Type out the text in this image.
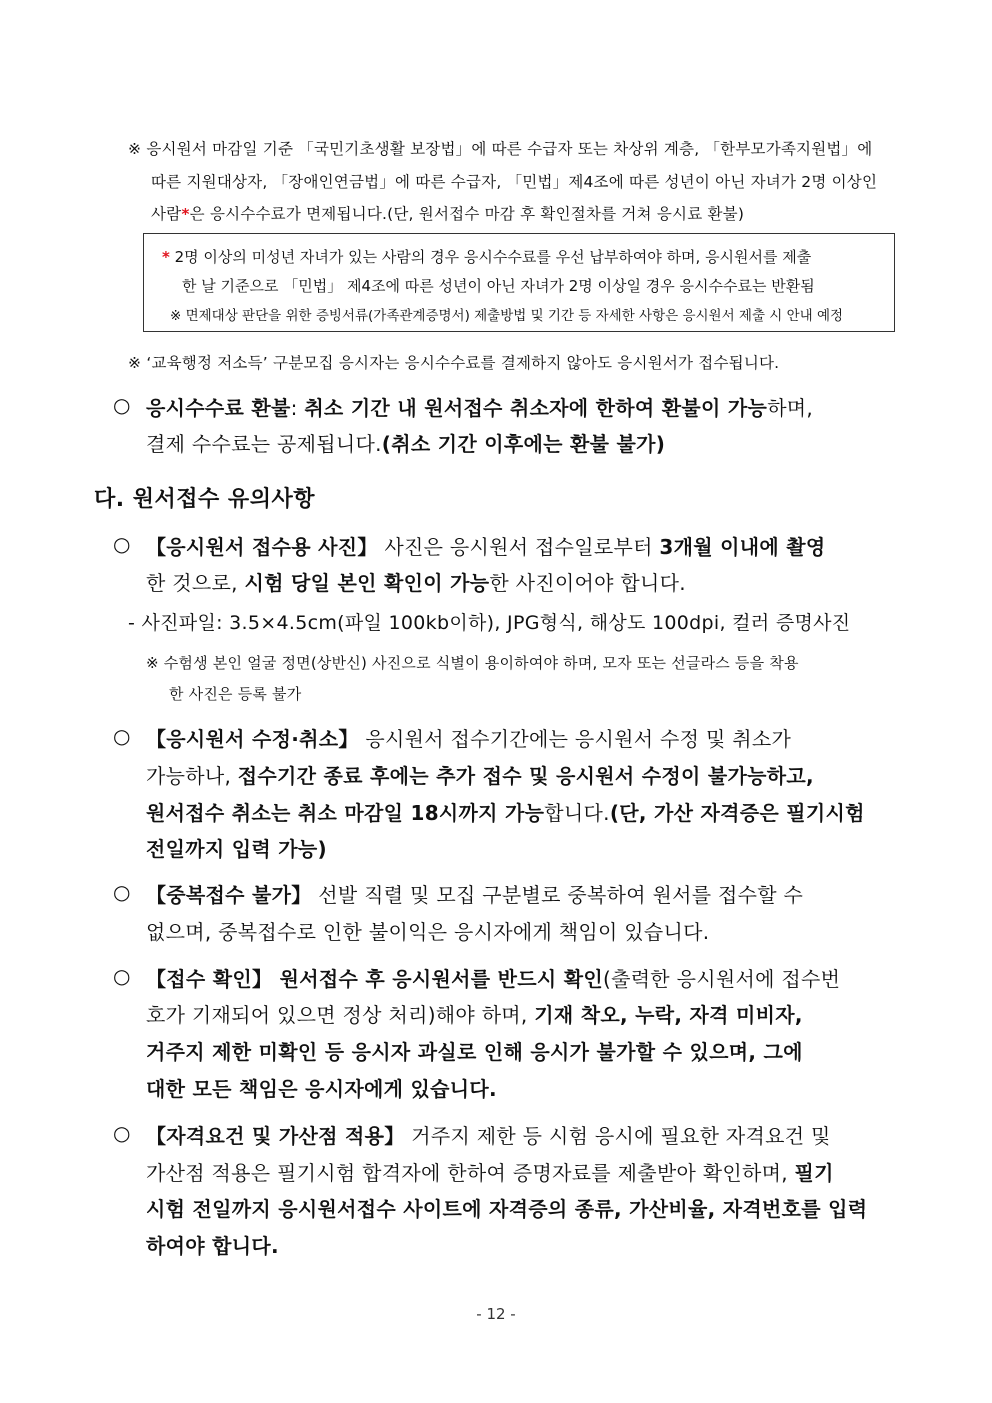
※ 응시원서 마감일 기준 「국민기초생활 보장법」에 따른 수급자 또는 차상위 계층, 「한부모가족지원법」에
따른 지원대상자, 「장애인연금법」에 따른 수급자, 「민법」제4조에 따른 성년이 아닌 자녀가 2명 이상인
사람*은 응시수수료가 면제됩니다.(단, 원서접수 마감 후 확인절차를 거쳐 응시료 환불)
* 2명 이상의 미성년 자녀가 있는 사람의 경우 응시수수료를 우선 납부하여야 하며, 응시원서를 제출
한 날 기준으로 「민법」 제4조에 따른 성년이 아닌 자녀가 2명 이상일 경우 응시수수료는 반환됨
※ 면제대상 판단을 위한 증빙서류(가족관계증명서) 제출방법 및 기간 등 자세한 사항은 응시원서 제출 시 안내 예정
※ ‘교육행정 저소득’ 구분모집 응시자는 응시수수료를 결제하지 않아도 응시원서가 접수됩니다.
○ 응시수수료 환불: 취소 기간 내 원서접수 취소자에 한하여 환불이 가능하며,
결제 수수료는 공제됩니다.(취소 기간 이후에는 환불 불가)
다. 원서접수 유의사항
○ 【응시원서 접수용 사진】 사진은 응시원서 접수일로부터 3개월 이내에 촬영
한 것으로, 시험 당일 본인 확인이 가능한 사진이어야 합니다.
- 사진파일: 3.5×4.5cm(파일 100kb이하), JPG형식, 해상도 100dpi, 컬러 증명사진
※ 수험생 본인 얼굴 정면(상반신) 사진으로 식별이 용이하여야 하며, 모자 또는 선글라스 등을 착용
한 사진은 등록 불가
○ 【응시원서 수정·취소】 응시원서 접수기간에는 응시원서 수정 및 취소가
가능하나, 접수기간 종료 후에는 추가 접수 및 응시원서 수정이 불가능하고,
원서접수 취소는 취소 마감일 18시까지 가능합니다.(단, 가산 자격증은 필기시험
전일까지 입력 가능)
○ 【중복접수 불가】 선발 직렬 및 모집 구분별로 중복하여 원서를 접수할 수
없으며, 중복접수로 인한 불이익은 응시자에게 책임이 있습니다.
○ 【접수 확인】 원서접수 후 응시원서를 반드시 확인(출력한 응시원서에 접수번
호가 기재되어 있으면 정상 처리)해야 하며, 기재 착오, 누락, 자격 미비자,
거주지 제한 미확인 등 응시자 과실로 인해 응시가 불가할 수 있으며, 그에
대한 모든 책임은 응시자에게 있습니다.
○ 【자격요건 및 가산점 적용】 거주지 제한 등 시험 응시에 필요한 자격요건 및
가산점 적용은 필기시험 합격자에 한하여 증명자료를 제출받아 확인하며, 필기
시험 전일까지 응시원서접수 사이트에 자격증의 종류, 가산비율, 자격번호를 입력
하여야 합니다.
- 12 -
